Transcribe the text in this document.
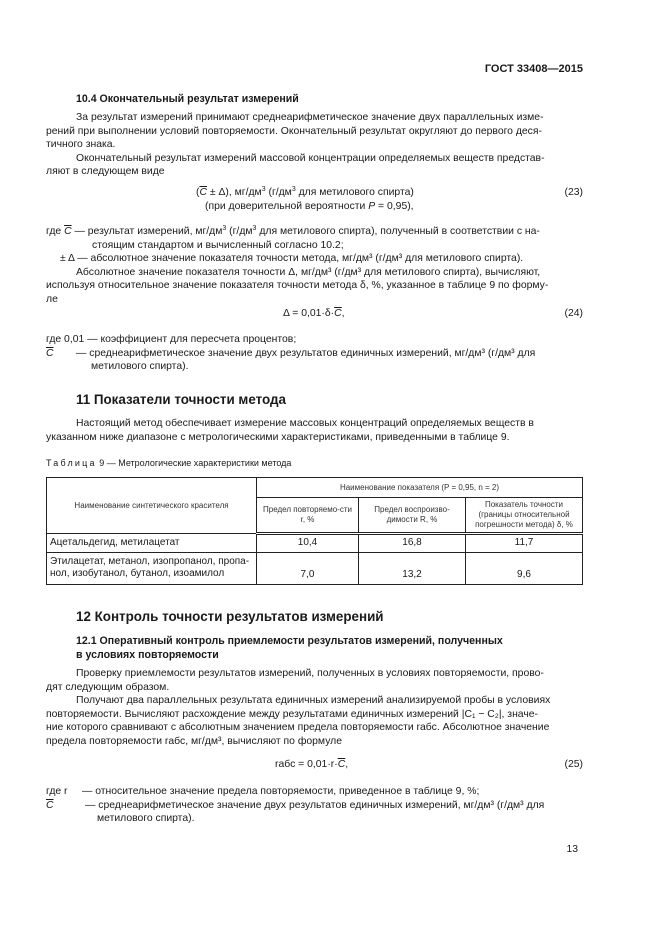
ГОСТ 33408—2015
10.4 Окончательный результат измерений
За результат измерений принимают среднеарифметическое значение двух параллельных изме-
рений при выполнении условий повторяемости. Окончательный результат округляют до первого деся-
тичного знака.
Окончательный результат измерений массовой концентрации определяемых веществ представ-
ляют в следующем виде
$(\overline{C} \pm \Delta)$, $мг/дм^3$ ($г/дм^3$ для метилового спирта)
(при доверительной вероятности P = 0,95),
(23)
где $\overline{C}$ — результат измерений, $мг/дм^3$ ($г/дм^3$ для метилового спирта), полученный в соответствии с на-
стоящим стандартом и вычисленный согласно 10.2;
± Δ — абсолютное значение показателя точности метода, мг/дм³ (г/дм³ для метилового спирта).
Абсолютное значение показателя точности Δ, мг/дм³ (г/дм³ для метилового спирта), вычисляют,
используя относительное значение показателя точности метода δ, %, указанное в таблице 9 по форму-
ле
$\Delta = 0,01\cdot\delta\cdot\overline{C}$,	(24)
где 0,01 — коэффициент для пересчета процентов;
$\overline{C}$ — среднеарифметическое значение двух результатов единичных измерений, мг/дм³ (г/дм³ для
метилового спирта).
11 Показатели точности метода
Настоящий метод обеспечивает измерение массовых концентраций определяемых веществ в
указанном ниже диапазоне с метрологическими характеристиками, приведенными в таблице 9.
Таблица 9 — Метрологические характеристики метода
Наименование синтетического красителя	Наименование показателя (P = 0,95, n = 2)		
	Предел повторяемо-сти r, %	Предел воспроизво-димости R, %	Показатель точности (границы относительной погрешности метода) δ, %
Ацетальдегид, метилацетат	10,4	16,8	11,7
Этилацетат, метанол, изопропанол, пропа-нол, изобутанол, бутанол, изоамилол	7,0	13,2	9,6
12 Контроль точности результатов измерений
12.1 Оперативный контроль приемлемости результатов измерений, полученных
в условиях повторяемости
Проверку приемлемости результатов измерений, полученных в условиях повторяемости, прово-
дят следующим образом.
Получают два параллельных результата единичных измерений анализируемой пробы в условиях
повторяемости. Вычисляют расхождение между результатами единичных измерений |C₁ − C₂|, значе-
ние которого сравнивают с абсолютным значением предела повторяемости rабс. Абсолютное значение
предела повторяемости rабс, мг/дм³, вычисляют по формуле
rабс = $0,01\cdot r\cdot\overline{C}$,	(25)
где r     — относительное значение предела повторяемости, приведенное в таблице 9, %;
$\overline{C}$	— среднеарифметическое значение двух результатов единичных измерений, мг/дм³ (г/дм³ для
метилового спирта).
13
